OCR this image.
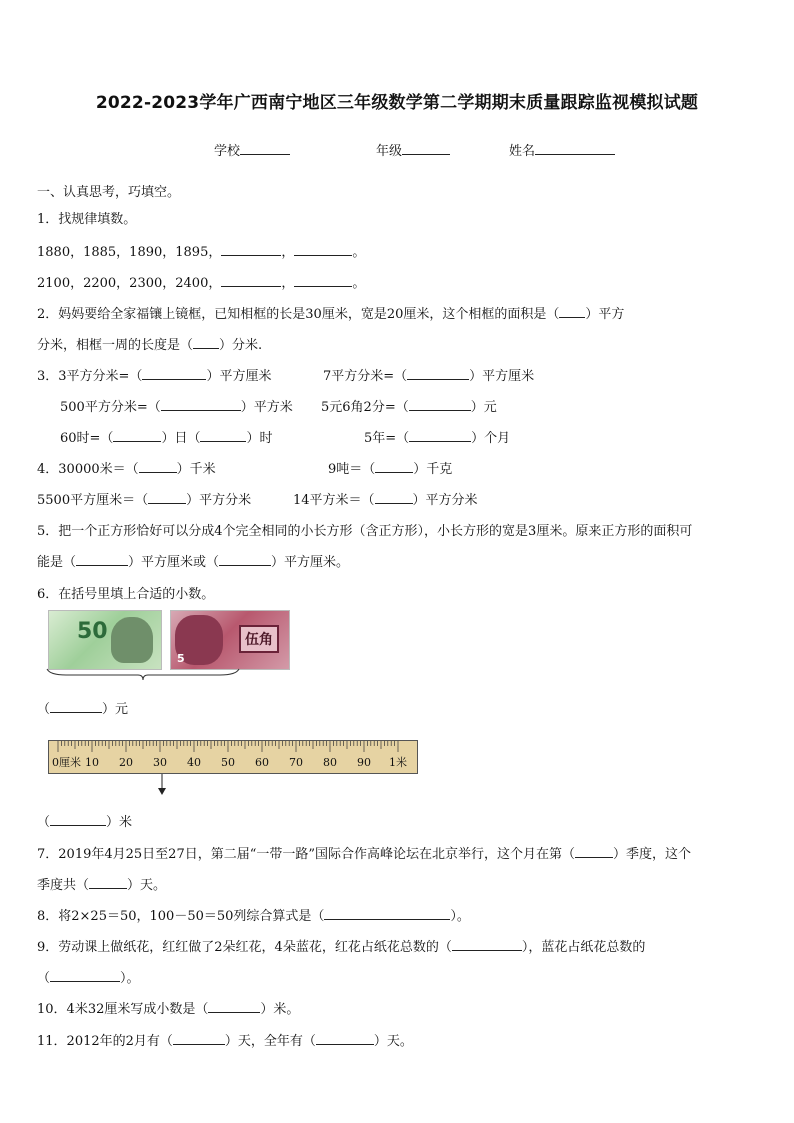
2022-2023学年广西南宁地区三年级数学第二学期期末质量跟踪监视模拟试题
学校	年级	姓名
一、认真思考，巧填空。
1．找规律填数。
1880，1885，1890，1895，	，	。
2100，2200，2300，2400，	，	。
2．妈妈要给全家福镶上镜框，已知相框的长是30厘米，宽是20厘米，这个相框的面积是（ ）平方
分米，相框一周的长度是（ ）分米.
3．3平方分米=（	）平方厘米	7平方分米=（	）平方厘米
500平方分米=（	）平方米 5元6角2分=（	）元
60时=（	）日（	）时	5年=（	）个月
4．30000米＝（	）千米	9吨＝（	）千克
5500平方厘米＝（	）平方分米	14平方米＝（	）平方分米
5．把一个正方形恰好可以分成4个完全相同的小长方形（含正方形），小长方形的宽是3厘米。原来正方形的面积可
能是（	）平方厘米或（	）平方厘米。
6．在括号里填上合适的小数。
50	伍角
5
（	）元
0厘米 10 20 30 40 50 60 70 80 90 1米
（	）米
7．2019年4月25日至27日，第二届“一带一路”国际合作高峰论坛在北京举行，这个月在第（	）季度，这个
季度共（	）天。
8．将2×25＝50，100－50＝50列综合算式是（	）。
9．劳动课上做纸花，红红做了2朵红花，4朵蓝花，红花占纸花总数的（	），蓝花占纸花总数的
（	）。
10．4米32厘米写成小数是（	）米。
11．2012年的2月有（	）天，全年有（	）天。
